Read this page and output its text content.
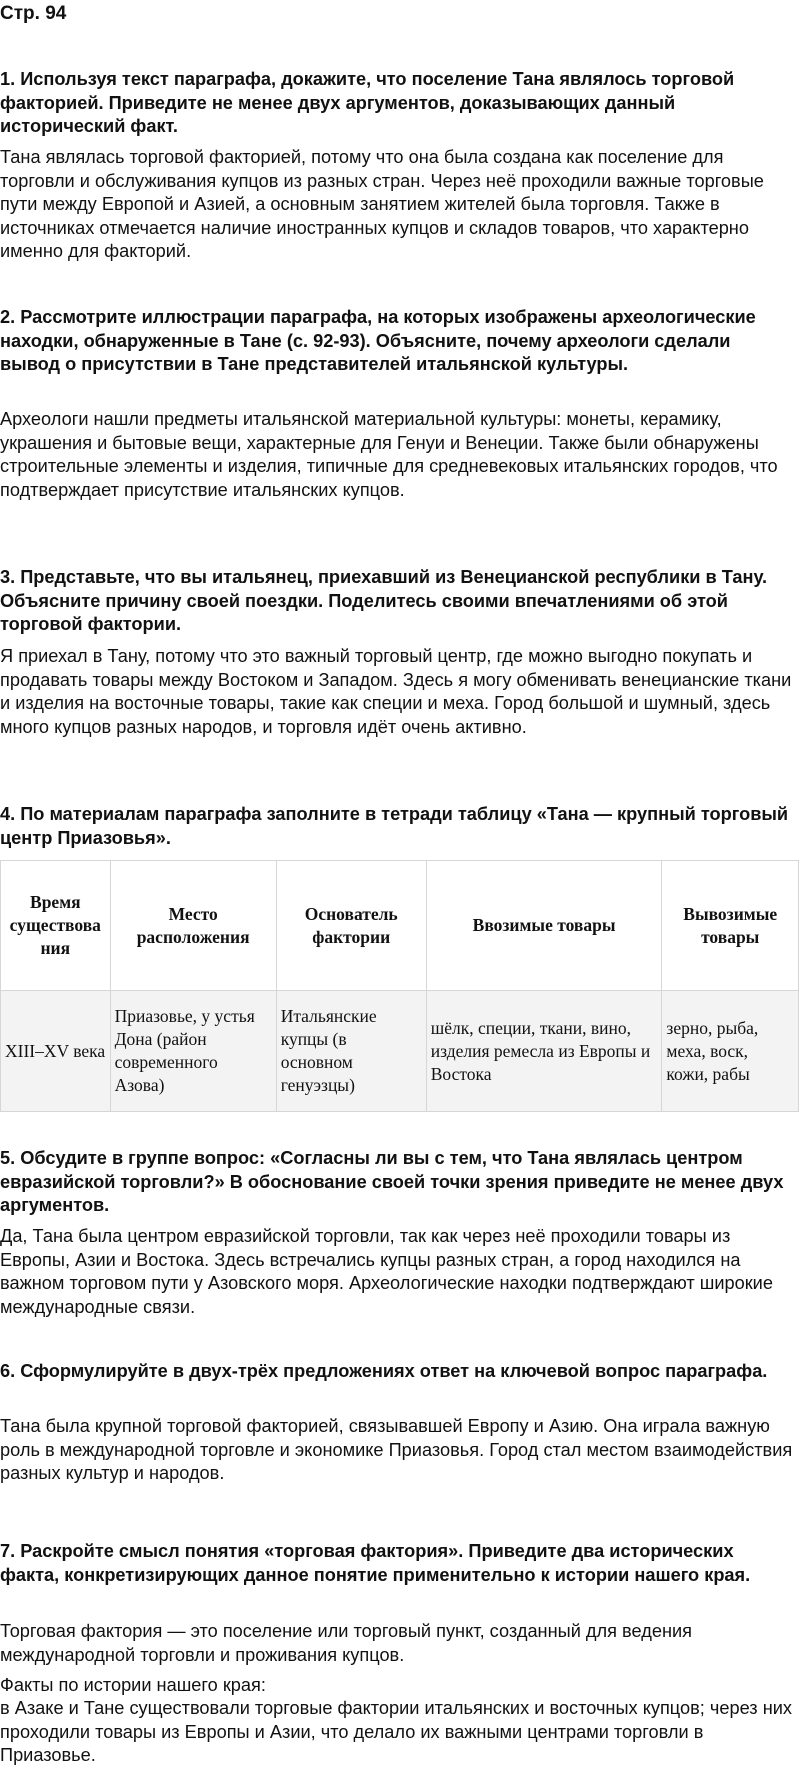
Стр. 94

1. Используя текст параграфа, докажите, что поселение Тана являлось торговой факторией. Приведите не менее двух аргументов, доказывающих данный исторический факт.

Тана являлась торговой факторией, потому что она была создана как поселение для торговли и обслуживания купцов из разных стран. Через неё проходили важные торговые пути между Европой и Азией, а основным занятием жителей была торговля. Также в источниках отмечается наличие иностранных купцов и складов товаров, что характерно именно для факторий.

2. Рассмотрите иллюстрации параграфа, на которых изображены археологические находки, обнаруженные в Тане (с. 92-93). Объясните, почему археологи сделали вывод о присутствии в Тане представителей итальянской культуры.

Археологи нашли предметы итальянской материальной культуры: монеты, керамику, украшения и бытовые вещи, характерные для Генуи и Венеции. Также были обнаружены строительные элементы и изделия, типичные для средневековых итальянских городов, что подтверждает присутствие итальянских купцов.

3. Представьте, что вы итальянец, приехавший из Венецианской республики в Тану. Объясните причину своей поездки. Поделитесь своими впечатлениями об этой торговой фактории.

Я приехал в Тану, потому что это важный торговый центр, где можно выгодно покупать и продавать товары между Востоком и Западом. Здесь я могу обменивать венецианские ткани и изделия на восточные товары, такие как специи и меха. Город большой и шумный, здесь много купцов разных народов, и торговля идёт очень активно.

4. По материалам параграфа заполните в тетради таблицу «Тана — крупный торговый центр Приазовья».

Время существова ния	Место расположения	Основатель фактории	Ввозимые товары	Вывозимые товары
XIII–XV века	Приазовье, у устья Дона (район современного Азова)	Итальянские купцы (в основном генуэзцы)	шёлк, специи, ткани, вино, изделия ремесла из Европы и Востока	зерно, рыба, меха, воск, кожи, рабы

5. Обсудите в группе вопрос: «Согласны ли вы с тем, что Тана являлась центром евразийской торговли?» В обоснование своей точки зрения приведите не менее двух аргументов.

Да, Тана была центром евразийской торговли, так как через неё проходили товары из Европы, Азии и Востока. Здесь встречались купцы разных стран, а город находился на важном торговом пути у Азовского моря. Археологические находки подтверждают широкие международные связи.

6. Сформулируйте в двух-трёх предложениях ответ на ключевой вопрос параграфа.

Тана была крупной торговой факторией, связывавшей Европу и Азию. Она играла важную роль в международной торговле и экономике Приазовья. Город стал местом взаимодействия разных культур и народов.

7. Раскройте смысл понятия «торговая фактория». Приведите два исторических факта, конкретизирующих данное понятие применительно к истории нашего края.

Торговая фактория — это поселение или торговый пункт, созданный для ведения международной торговли и проживания купцов.

Факты по истории нашего края:

в Азаке и Тане существовали торговые фактории итальянских и восточных купцов; через них проходили товары из Европы и Азии, что делало их важными центрами торговли в Приазовье.
